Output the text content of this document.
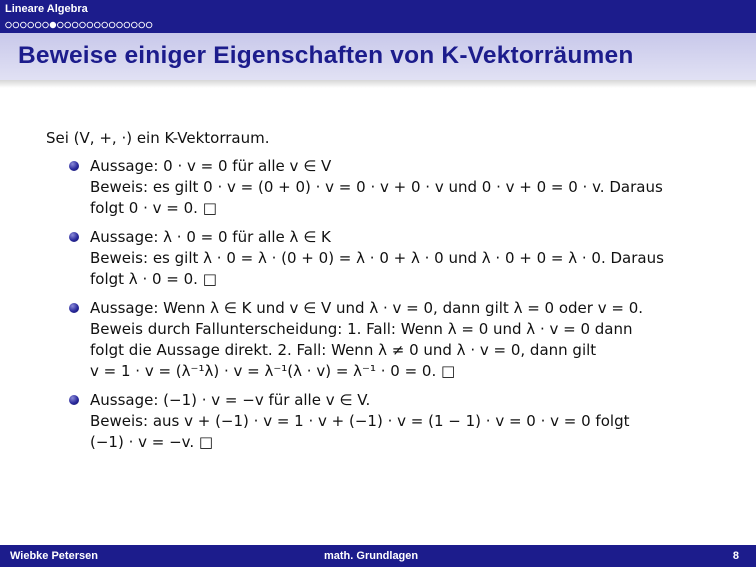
Lineare Algebra
Beweise einiger Eigenschaften von K-Vektorräumen

Sei (V, +, ·) ein K-Vektorraum.

Aussage: 0 · v = 0 für alle v ∈ V
Beweis: es gilt 0 · v = (0 + 0) · v = 0 · v + 0 · v und 0 · v + 0 = 0 · v. Daraus
folgt 0 · v = 0. □
Aussage: λ · 0 = 0 für alle λ ∈ K
Beweis: es gilt λ · 0 = λ · (0 + 0) = λ · 0 + λ · 0 und λ · 0 + 0 = λ · 0. Daraus
folgt λ · 0 = 0. □
Aussage: Wenn λ ∈ K und v ∈ V und λ · v = 0, dann gilt λ = 0 oder v = 0.
Beweis durch Fallunterscheidung: 1. Fall: Wenn λ = 0 und λ · v = 0 dann
folgt die Aussage direkt. 2. Fall: Wenn λ ≠ 0 und λ · v = 0, dann gilt
v = 1 · v = (λ⁻¹λ) · v = λ⁻¹(λ · v) = λ⁻¹ · 0 = 0. □
Aussage: (−1) · v = −v für alle v ∈ V.
Beweis: aus v + (−1) · v = 1 · v + (−1) · v = (1 − 1) · v = 0 · v = 0 folgt
(−1) · v = −v. □
Wiebke Petersen	math. Grundlagen	8
